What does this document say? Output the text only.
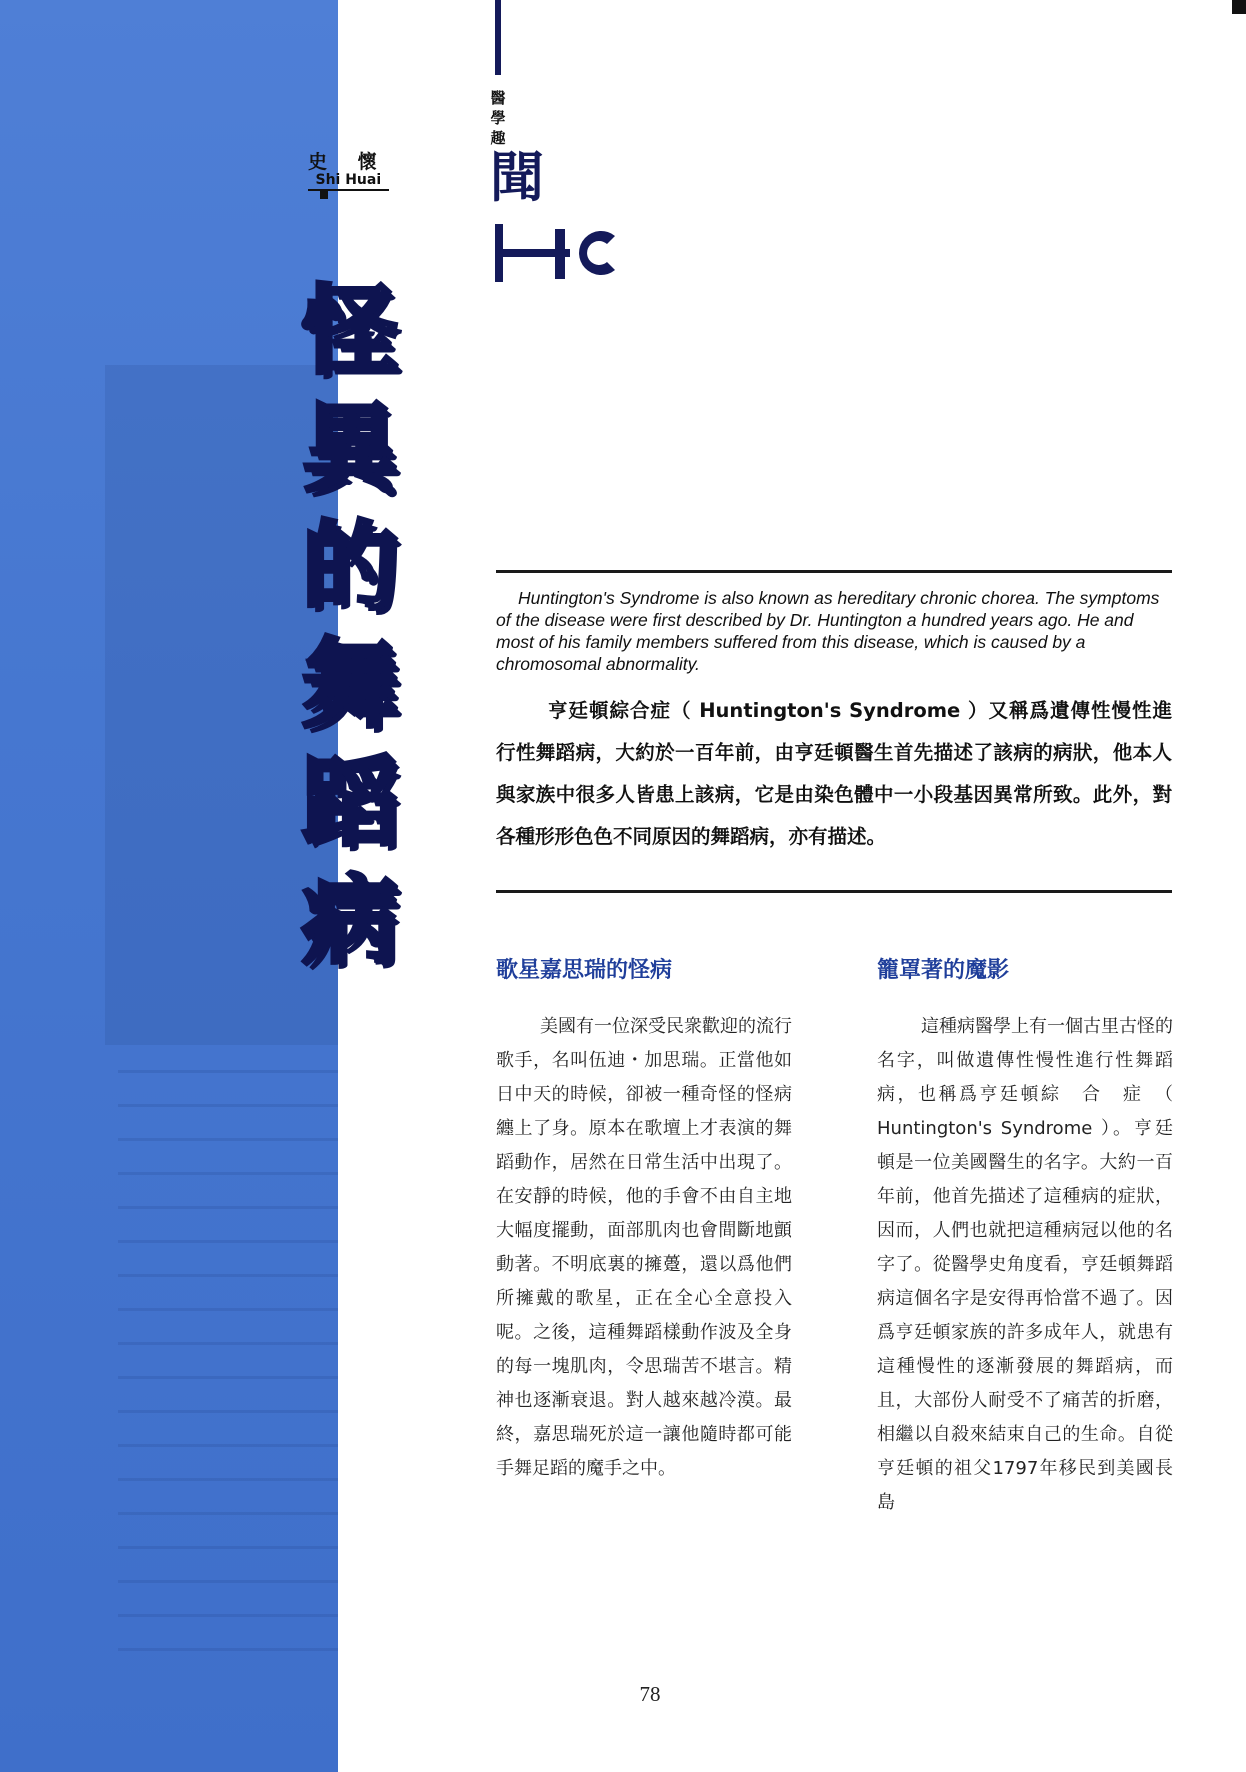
史 懷
Shi Huai
怪
異
的
舞
蹈
病
醫學趣
聞
Huntington's Syndrome is also known as hereditary chronic chorea. The symptoms of the disease were first described by Dr. Huntington a hundred years ago. He and most of his family members suffered from this disease, which is caused by a chromosomal abnormality.
亨廷頓綜合症（ Huntington's Syndrome ）又稱爲遺傳性慢性進行性舞蹈病，大約於一百年前，由亨廷頓醫生首先描述了該病的病狀，他本人與家族中很多人皆患上該病，它是由染色體中一小段基因異常所致。此外，對各種形形色色不同原因的舞蹈病，亦有描述。
歌星嘉思瑞的怪病

美國有一位深受民衆歡迎的流行歌手，名叫伍迪・加思瑞。正當他如日中天的時候，卻被一種奇怪的怪病纏上了身。原本在歌壇上才表演的舞蹈動作，居然在日常生活中出現了。在安靜的時候，他的手會不由自主地大幅度擺動，面部肌肉也會間斷地顫動著。不明底裏的擁躉，還以爲他們所擁戴的歌星，正在全心全意投入呢。之後，這種舞蹈樣動作波及全身的每一塊肌肉，令思瑞苦不堪言。精神也逐漸衰退。對人越來越冷漠。最終，嘉思瑞死於這一讓他隨時都可能手舞足蹈的魔手之中。

籠罩著的魔影

這種病醫學上有一個古里古怪的名字，叫做遺傳性慢性進行性舞蹈病，也稱爲亨廷頓綜　合　症　（ Huntington's Syndrome ）。亨廷頓是一位美國醫生的名字。大約一百年前，他首先描述了這種病的症狀，因而，人們也就把這種病冠以他的名字了。從醫學史角度看，亨廷頓舞蹈病這個名字是安得再恰當不過了。因爲亨廷頓家族的許多成年人，就患有這種慢性的逐漸發展的舞蹈病，而且，大部份人耐受不了痛苦的折磨，相繼以自殺來結束自己的生命。自從亨廷頓的祖父1797年移民到美國長島

78
